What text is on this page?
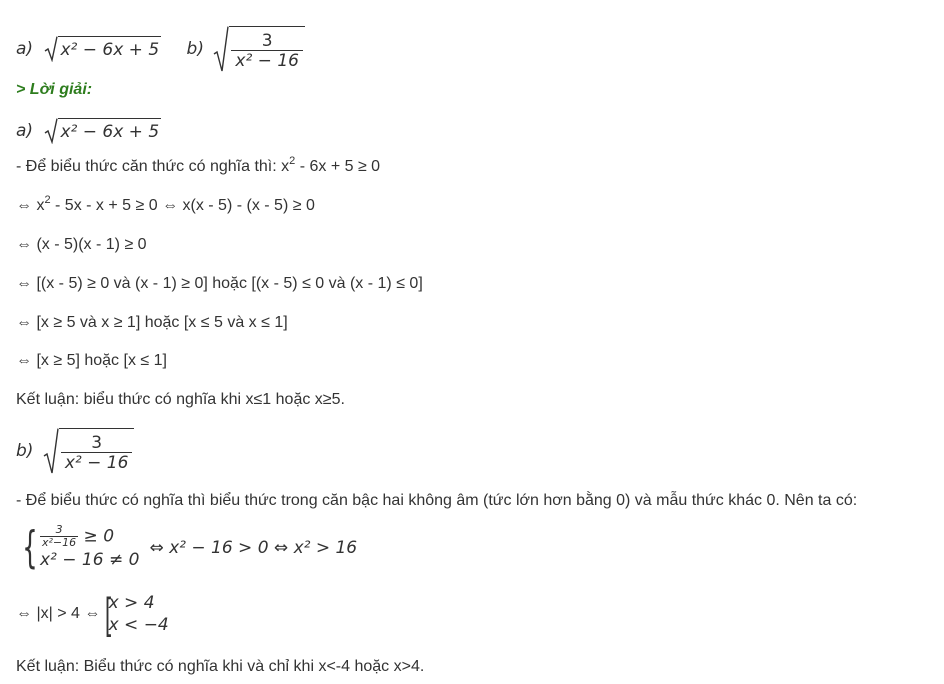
a) x² − 6x + 5 $b) \frac{3}{\text{x² − 16}}$
> Lời giải:
a) x² − 6x + 5
- Để biểu thức căn thức có nghĩa thì: $x^2 - 6x + 5 \ge 0$
⇔ $x^2 - 5x - x + 5 \ge 0$ ⇔ x(x - 5) - (x - 5) ≥ 0
⇔ (x - 5)(x - 1) ≥ 0
⇔ [(x - 5) ≥ 0 và (x - 1) ≥ 0] hoặc [(x - 5) ≤ 0 và (x - 1) ≤ 0]
⇔ [x ≥ 5 và x ≥ 1] hoặc [x ≤ 5 và x ≤ 1]
⇔ [x ≥ 5] hoặc [x ≤ 1]
Kết luận: biểu thức có nghĩa khi x≤1 hoặc x≥5.
$b) \frac{3}{\text{x² − 16}}$
- Để biểu thức có nghĩa thì biểu thức trong căn bậc hai không âm (tức lớn hơn bằng 0) và mẫu thức khác 0. Nên ta có:
{ $\frac{3}{\text{x²−16}} \ge 0$
x² − 16 ≠ 0
⇔ x² − 16 > 0 ⇔ x² > 16
⇔ |x| > 4 ⇔ [
x > 4
x < −4
Kết luận: Biểu thức có nghĩa khi và chỉ khi x<-4 hoặc x>4.
